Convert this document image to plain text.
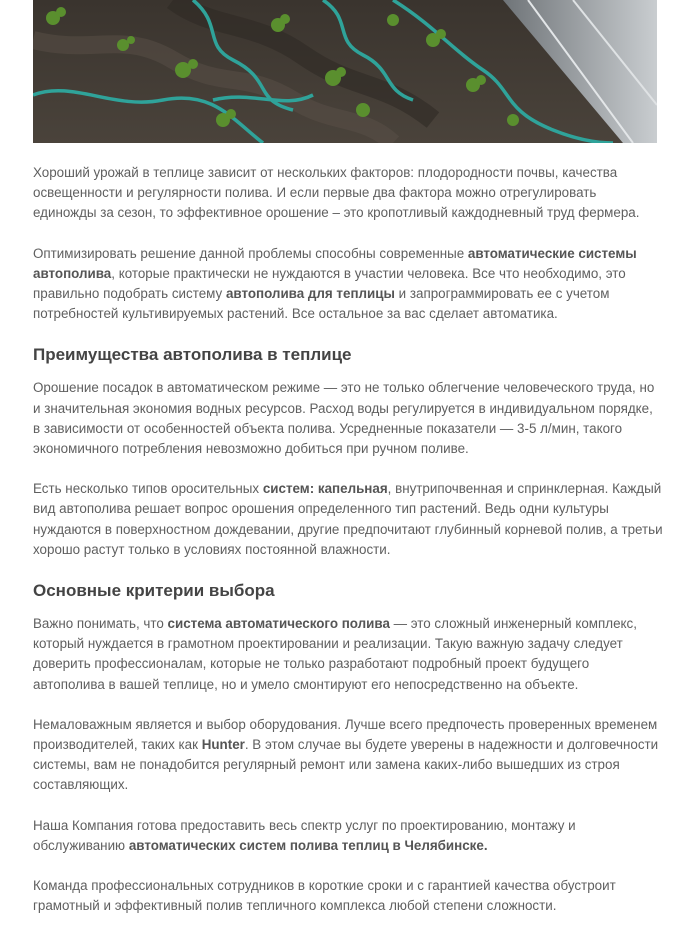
Хороший урожай в теплице зависит от нескольких факторов: плодородности почвы, качества освещенности и регулярности полива. И если первые два фактора можно отрегулировать единожды за сезон, то эффективное орошение – это кропотливый каждодневный труд фермера.

Оптимизировать решение данной проблемы способны современные автоматические системы автополива, которые практически не нуждаются в участии человека. Все что необходимо, это правильно подобрать систему автополива для теплицы и запрограммировать ее с учетом потребностей культивируемых растений. Все остальное за вас сделает автоматика.

Преимущества автополива в теплице

Орошение посадок в автоматическом режиме — это не только облегчение человеческого труда, но и значительная экономия водных ресурсов. Расход воды регулируется в индивидуальном порядке, в зависимости от особенностей объекта полива. Усредненные показатели — 3-5 л/мин, такого экономичного потребления невозможно добиться при ручном поливе.

Есть несколько типов оросительных систем: капельная, внутрипочвенная и спринклерная. Каждый вид автополива решает вопрос орошения определенного тип растений. Ведь одни культуры нуждаются в поверхностном дождевании, другие предпочитают глубинный корневой полив, а третьи хорошо растут только в условиях постоянной влажности.

Основные критерии выбора

Важно понимать, что система автоматического полива — это сложный инженерный комплекс, который нуждается в грамотном проектировании и реализации. Такую важную задачу следует доверить профессионалам, которые не только разработают подробный проект будущего автополива в вашей теплице, но и умело смонтируют его непосредственно на объекте.

Немаловажным является и выбор оборудования. Лучше всего предпочесть проверенных временем производителей, таких как Hunter. В этом случае вы будете уверены в надежности и долговечности системы, вам не понадобится регулярный ремонт или замена каких-либо вышедших из строя составляющих.

Наша Компания готова предоставить весь спектр услуг по проектированию, монтажу и обслуживанию автоматических систем полива теплиц в Челябинске.

Команда профессиональных сотрудников в короткие сроки и с гарантией качества обустроит грамотный и эффективный полив тепличного комплекса любой степени сложности.
